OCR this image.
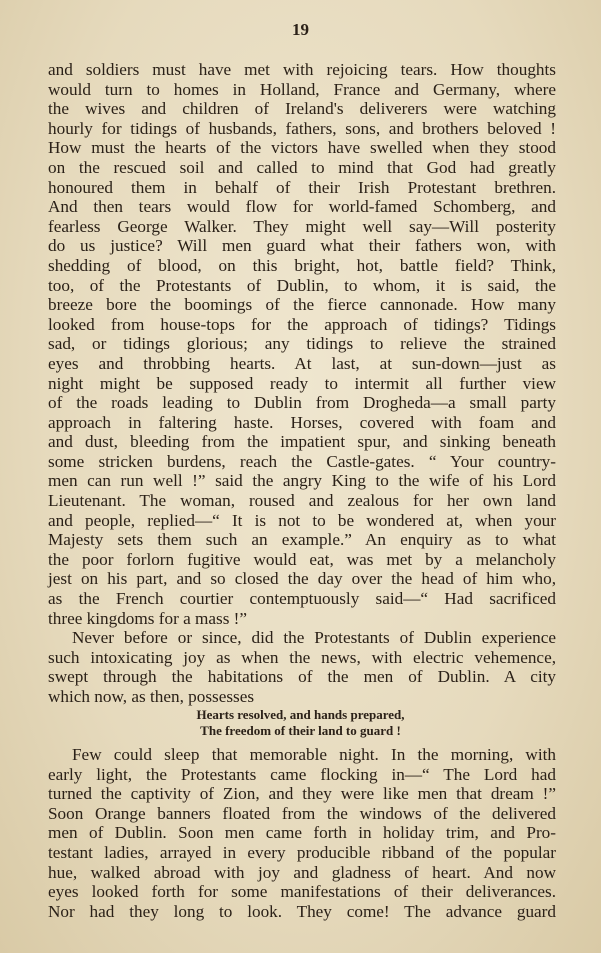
19
and soldiers must have met with rejoicing tears. How thoughts
would turn to homes in Holland, France and Germany, where
the wives and children of Ireland's deliverers were watching
hourly for tidings of husbands, fathers, sons, and brothers beloved !
How must the hearts of the victors have swelled when they stood
on the rescued soil and called to mind that God had greatly
honoured them in behalf of their Irish Protestant brethren.
And then tears would flow for world-famed Schomberg, and
fearless George Walker. They might well say—Will posterity
do us justice? Will men guard what their fathers won, with
shedding of blood, on this bright, hot, battle field? Think,
too, of the Protestants of Dublin, to whom, it is said, the
breeze bore the boomings of the fierce cannonade. How many
looked from house-tops for the approach of tidings? Tidings
sad, or tidings glorious; any tidings to relieve the strained
eyes and throbbing hearts. At last, at sun-down—just as
night might be supposed ready to intermit all further view
of the roads leading to Dublin from Drogheda—a small party
approach in faltering haste. Horses, covered with foam and
and dust, bleeding from the impatient spur, and sinking beneath
some stricken burdens, reach the Castle-gates. “ Your country-
men can run well !” said the angry King to the wife of his Lord
Lieutenant. The woman, roused and zealous for her own land
and people, replied—“ It is not to be wondered at, when your
Majesty sets them such an example.” An enquiry as to what
the poor forlorn fugitive would eat, was met by a melancholy
jest on his part, and so closed the day over the head of him who,
as the French courtier contemptuously said—“ Had sacrificed
three kingdoms for a mass !”
Never before or since, did the Protestants of Dublin experience
such intoxicating joy as when the news, with electric vehemence,
swept through the habitations of the men of Dublin. A city
which now, as then, possesses
Hearts resolved, and hands prepared,
The freedom of their land to guard !
Few could sleep that memorable night. In the morning, with
early light, the Protestants came flocking in—“ The Lord had
turned the captivity of Zion, and they were like men that dream !”
Soon Orange banners floated from the windows of the delivered
men of Dublin. Soon men came forth in holiday trim, and Pro-
testant ladies, arrayed in every producible ribband of the popular
hue, walked abroad with joy and gladness of heart. And now
eyes looked forth for some manifestations of their deliverances.
Nor had they long to look. They come! The advance guard
